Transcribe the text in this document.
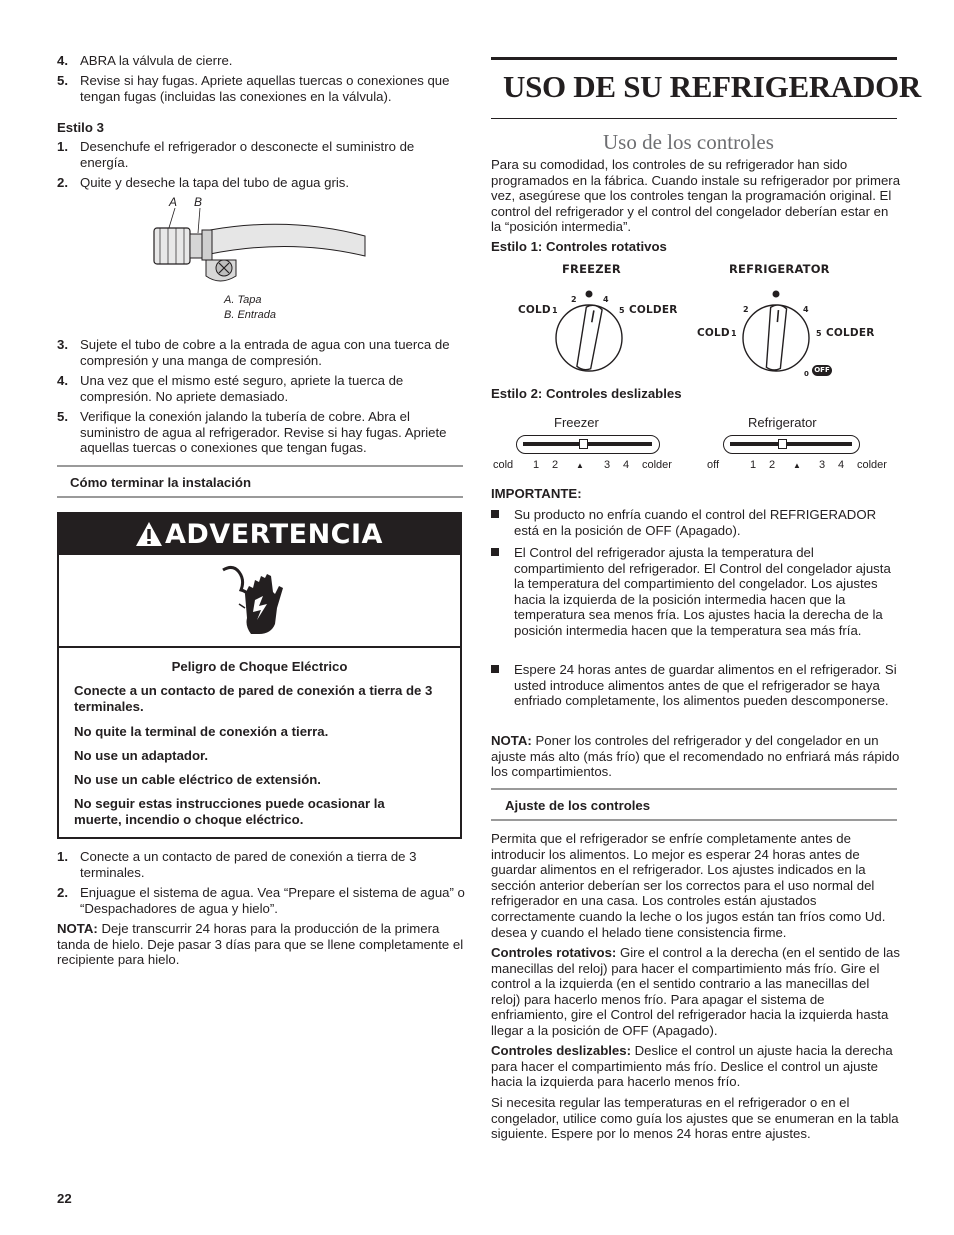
4. ABRA la válvula de cierre.
5. Revise si hay fugas. Apriete aquellas tuercas o conexiones que tengan fugas (incluidas las conexiones en la válvula).
Estilo 3
1. Desenchufe el refrigerador o desconecte el suministro de energía.
2. Quite y deseche la tapa del tubo de agua gris.
A B
A. Tapa
B. Entrada
3. Sujete el tubo de cobre a la entrada de agua con una tuerca de compresión y una manga de compresión.
4. Una vez que el mismo esté seguro, apriete la tuerca de compresión. No apriete demasiado.
5. Verifique la conexión jalando la tubería de cobre. Abra el suministro de agua al refrigerador. Revise si hay fugas. Apriete aquellas tuercas o conexiones que tengan fugas.
Cómo terminar la instalación
ADVERTENCIA
Peligro de Choque Eléctrico
Conecte a un contacto de pared de conexión a tierra de 3 terminales.
No quite la terminal de conexión a tierra.
No use un adaptador.
No use un cable eléctrico de extensión.
No seguir estas instrucciones puede ocasionar la muerte, incendio o choque eléctrico.
1. Conecte a un contacto de pared de conexión a tierra de 3 terminales.
2. Enjuague el sistema de agua. Vea “Prepare el sistema de agua” o “Despachadores de agua y hielo”.
NOTA: Deje transcurrir 24 horas para la producción de la primera tanda de hielo. Deje pasar 3 días para que se llene completamente el recipiente para hielo.
USO DE SU REFRIGERADOR
Uso de los controles
Para su comodidad, los controles de su refrigerador han sido programados en la fábrica. Cuando instale su refrigerador por primera vez, asegúrese que los controles tengan la programación original. El control del refrigerador y el control del congelador deberían estar en la “posición intermedia”.
Estilo 1: Controles rotativos
FREEZER
2	4
COLD 1	5 COLDER
REFRIGERATOR
2	4
COLD 1	5 COLDER
0 OFF
Estilo 2: Controles deslizables
Freezer
cold 1 2 ▲ 3 4 colder
Refrigerator
off	1 2 ▲ 3 4 colder
IMPORTANTE:
Su producto no enfría cuando el control del REFRIGERADOR está en la posición de OFF (Apagado).
El Control del refrigerador ajusta la temperatura del compartimiento del refrigerador. El Control del congelador ajusta la temperatura del compartimiento del congelador. Los ajustes hacia la izquierda de la posición intermedia hacen que la temperatura sea menos fría. Los ajustes hacia la derecha de la posición intermedia hacen que la temperatura sea más fría.
Espere 24 horas antes de guardar alimentos en el refrigerador. Si usted introduce alimentos antes de que el refrigerador se haya enfriado completamente, los alimentos pueden descomponerse.
NOTA: Poner los controles del refrigerador y del congelador en un ajuste más alto (más frío) que el recomendado no enfriará más rápido los compartimientos.
Ajuste de los controles
Permita que el refrigerador se enfríe completamente antes de introducir los alimentos. Lo mejor es esperar 24 horas antes de guardar alimentos en el refrigerador. Los ajustes indicados en la sección anterior deberían ser los correctos para el uso normal del refrigerador en una casa. Los controles están ajustados correctamente cuando la leche o los jugos están tan fríos como Ud. desea y cuando el helado tiene consistencia firme.
Controles rotativos: Gire el control a la derecha (en el sentido de las manecillas del reloj) para hacer el compartimiento más frío. Gire el control a la izquierda (en el sentido contrario a las manecillas del reloj) para hacerlo menos frío. Para apagar el sistema de enfriamiento, gire el Control del refrigerador hacia la izquierda hasta llegar a la posición de OFF (Apagado).
Controles deslizables: Deslice el control un ajuste hacia la derecha para hacer el compartimiento más frío. Deslice el control un ajuste hacia la izquierda para hacerlo menos frío.
Si necesita regular las temperaturas en el refrigerador o en el congelador, utilice como guía los ajustes que se enumeran en la tabla siguiente. Espere por lo menos 24 horas entre ajustes.
22
